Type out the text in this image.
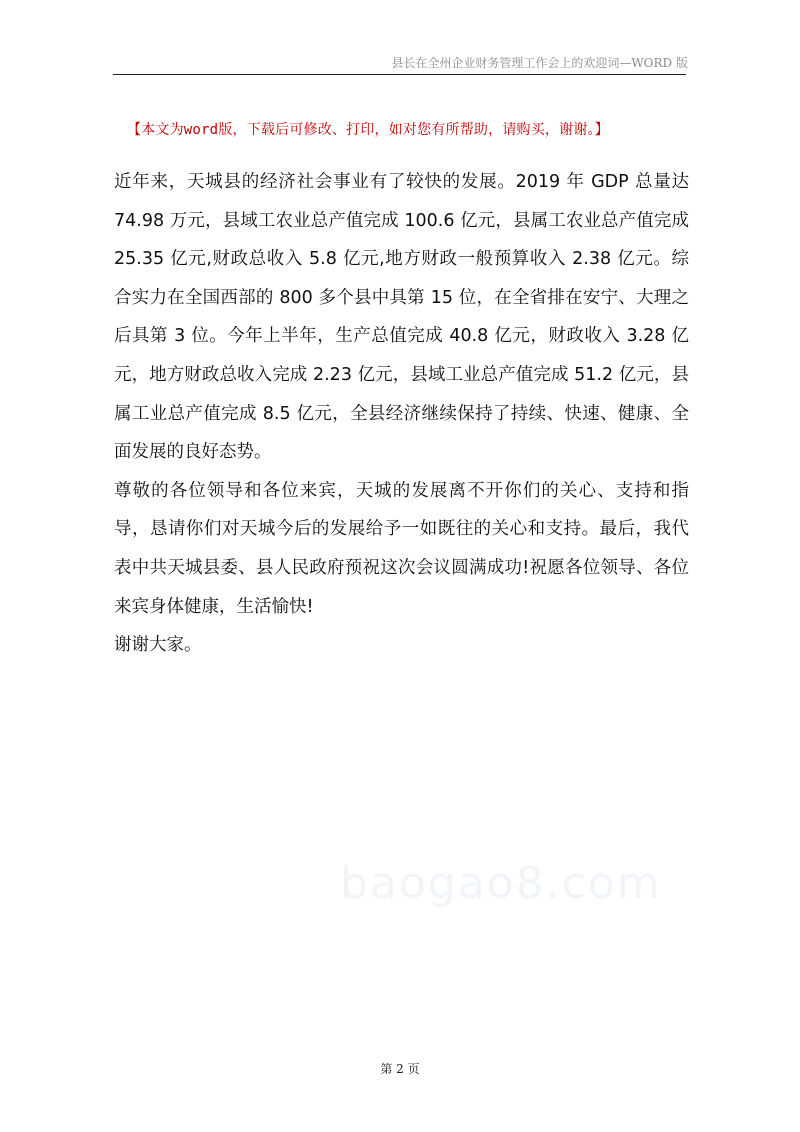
县长在全州企业财务管理工作会上的欢迎词—WORD 版
【本文为word版，下载后可修改、打印，如对您有所帮助，请购买，谢谢。】

近年来，天城县的经济社会事业有了较快的发展。2019 年 GDP 总量达 74.98 万元，县域工农业总产值完成 100.6 亿元，县属工农业总产值完成 25.35 亿元,财政总收入 5.8 亿元,地方财政一般预算收入 2.38 亿元。综合实力在全国西部的 800 多个县中具第 15 位，在全省排在安宁、大理之后具第 3 位。今年上半年，生产总值完成 40.8 亿元，财政收入 3.28 亿元，地方财政总收入完成 2.23 亿元，县域工业总产值完成 51.2 亿元，县属工业总产值完成 8.5 亿元，全县经济继续保持了持续、快速、健康、全面发展的良好态势。

尊敬的各位领导和各位来宾，天城的发展离不开你们的关心、支持和指导，恳请你们对天城今后的发展给予一如既往的关心和支持。最后，我代表中共天城县委、县人民政府预祝这次会议圆满成功!祝愿各位领导、各位来宾身体健康，生活愉快!

谢谢大家。

baogao8.com
第 2 页
